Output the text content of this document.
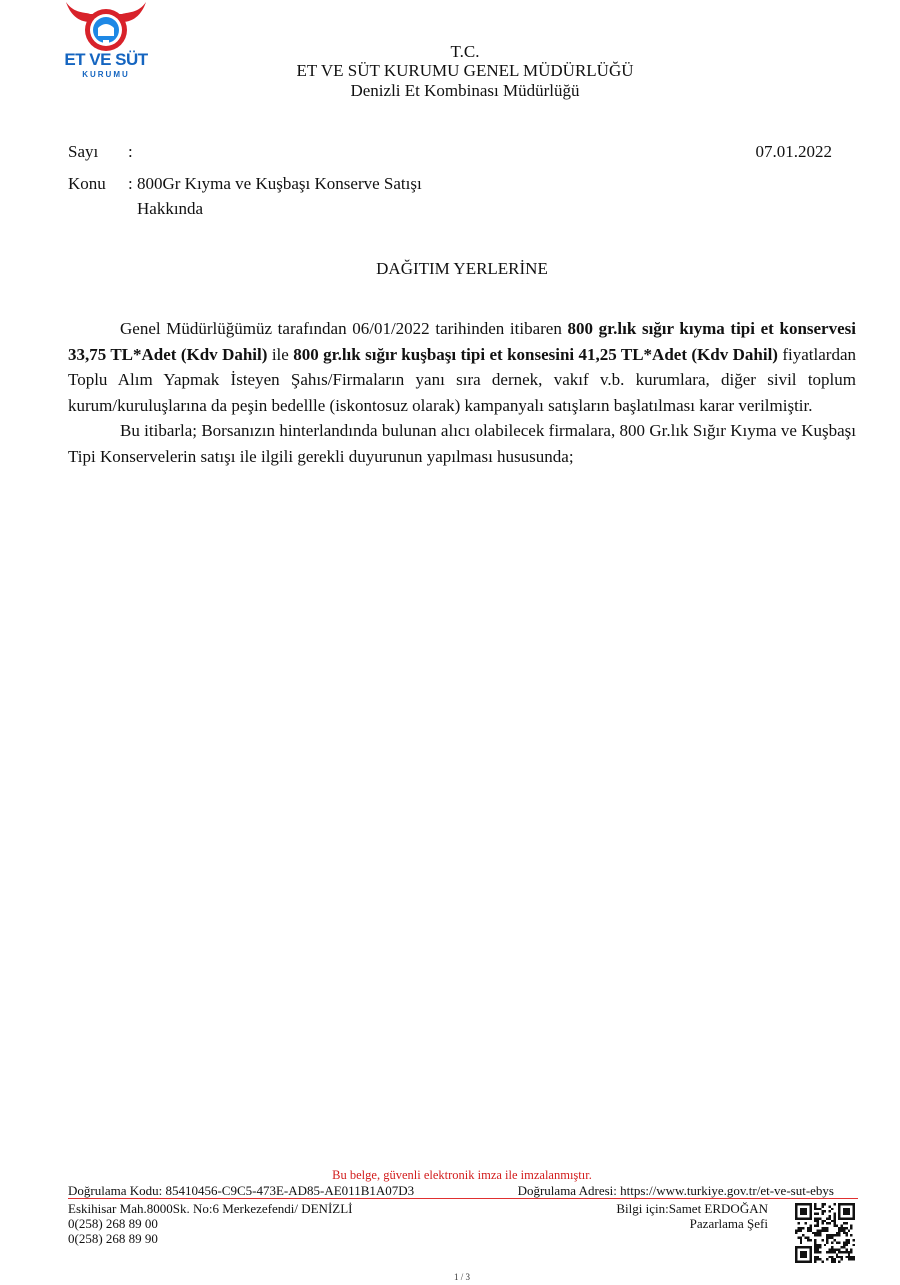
ET VE SÜT
KURUMU
T.C.
ET VE SÜT KURUMU GENEL MÜDÜRLÜĞÜ
Denizli Et Kombinası Müdürlüğü
Sayı :	07.01.2022
Konu : 800Gr Kıyma ve Kuşbaşı Konserve Satışı
Hakkında
DAĞITIM YERLERİNE

Genel Müdürlüğümüz tarafından 06/01/2022 tarihinden itibaren 800 gr.lık sığır kıyma tipi et konservesi 33,75 TL*Adet (Kdv Dahil) ile 800 gr.lık sığır kuşbaşı tipi et konsesini 41,25 TL*Adet (Kdv Dahil) fiyatlardan Toplu Alım Yapmak İsteyen Şahıs/Firmaların yanı sıra dernek, vakıf v.b. kurumlara, diğer sivil toplum kurum/kuruluşlarına da peşin bedellle (iskontosuz olarak) kampanyalı satışların başlatılması karar verilmiştir.

Bu itibarla; Borsanızın hinterlandında bulunan alıcı olabilecek firmalara, 800 Gr.lık Sığır Kıyma ve Kuşbaşı Tipi Konservelerin satışı ile ilgili gerekli duyurunun yapılması hususunda;

Bu belge, güvenli elektronik imza ile imzalanmıştır.
Doğrulama Kodu: 85410456-C9C5-473E-AD85-AE011B1A07D3	Doğrulama Adresi: https://www.turkiye.gov.tr/et-ve-sut-ebys
Eskihisar Mah.8000Sk. No:6 Merkezefendi/ DENİZLİ
0(258) 268 89 00
0(258) 268 89 90
Bilgi için:Samet ERDOĞAN
Pazarlama Şefi
1 / 3
